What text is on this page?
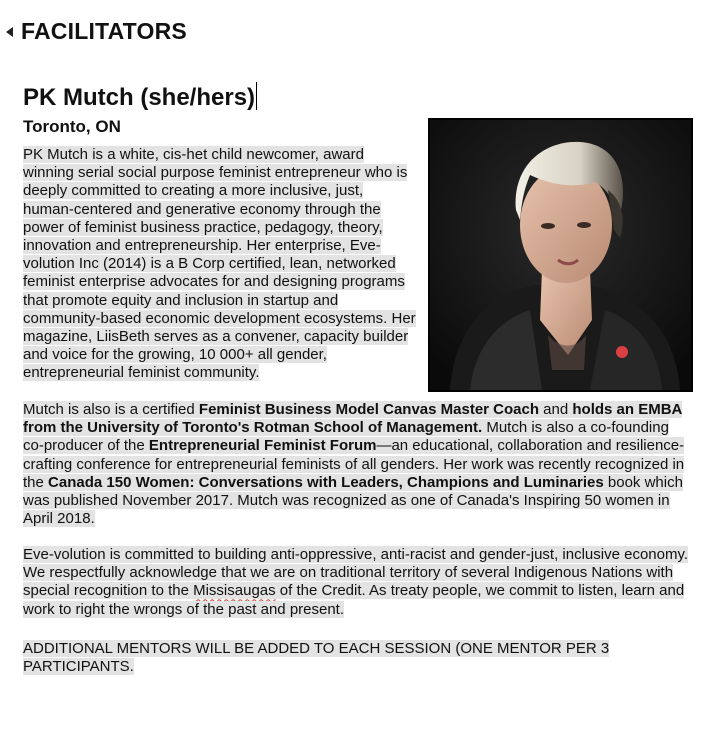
FACILITATORS
PK Mutch (she/hers)
Toronto, ON
PK Mutch is a white, cis-het child newcomer, award winning serial social purpose feminist entrepreneur who is deeply committed to creating a more inclusive, just, human-centered and generative economy through the power of feminist business practice, pedagogy, theory, innovation and entrepreneurship. Her enterprise, Eve-volution Inc (2014) is a B Corp certified, lean, networked feminist enterprise advocates for and designing programs that promote equity and inclusion in startup and community-based economic development ecosystems. Her magazine, LiisBeth serves as a convener, capacity builder and voice for the growing, 10 000+ all gender, entrepreneurial feminist community.
Mutch is also is a certified Feminist Business Model Canvas Master Coach and holds an EMBA from the University of Toronto's Rotman School of Management. Mutch is also a co-founding co-producer of the Entrepreneurial Feminist Forum—an educational, collaboration and resilience-crafting conference for entrepreneurial feminists of all genders. Her work was recently recognized in the Canada 150 Women: Conversations with Leaders, Champions and Luminaries book which was published November 2017. Mutch was recognized as one of Canada's Inspiring 50 women in April 2018.
Eve-volution is committed to building anti-oppressive, anti-racist and gender-just, inclusive economy. We respectfully acknowledge that we are on traditional territory of several Indigenous Nations with special recognition to the Missisaugas of the Credit. As treaty people, we commit to listen, learn and work to right the wrongs of the past and present.
ADDITIONAL MENTORS WILL BE ADDED TO EACH SESSION (ONE MENTOR PER 3 PARTICIPANTS.
